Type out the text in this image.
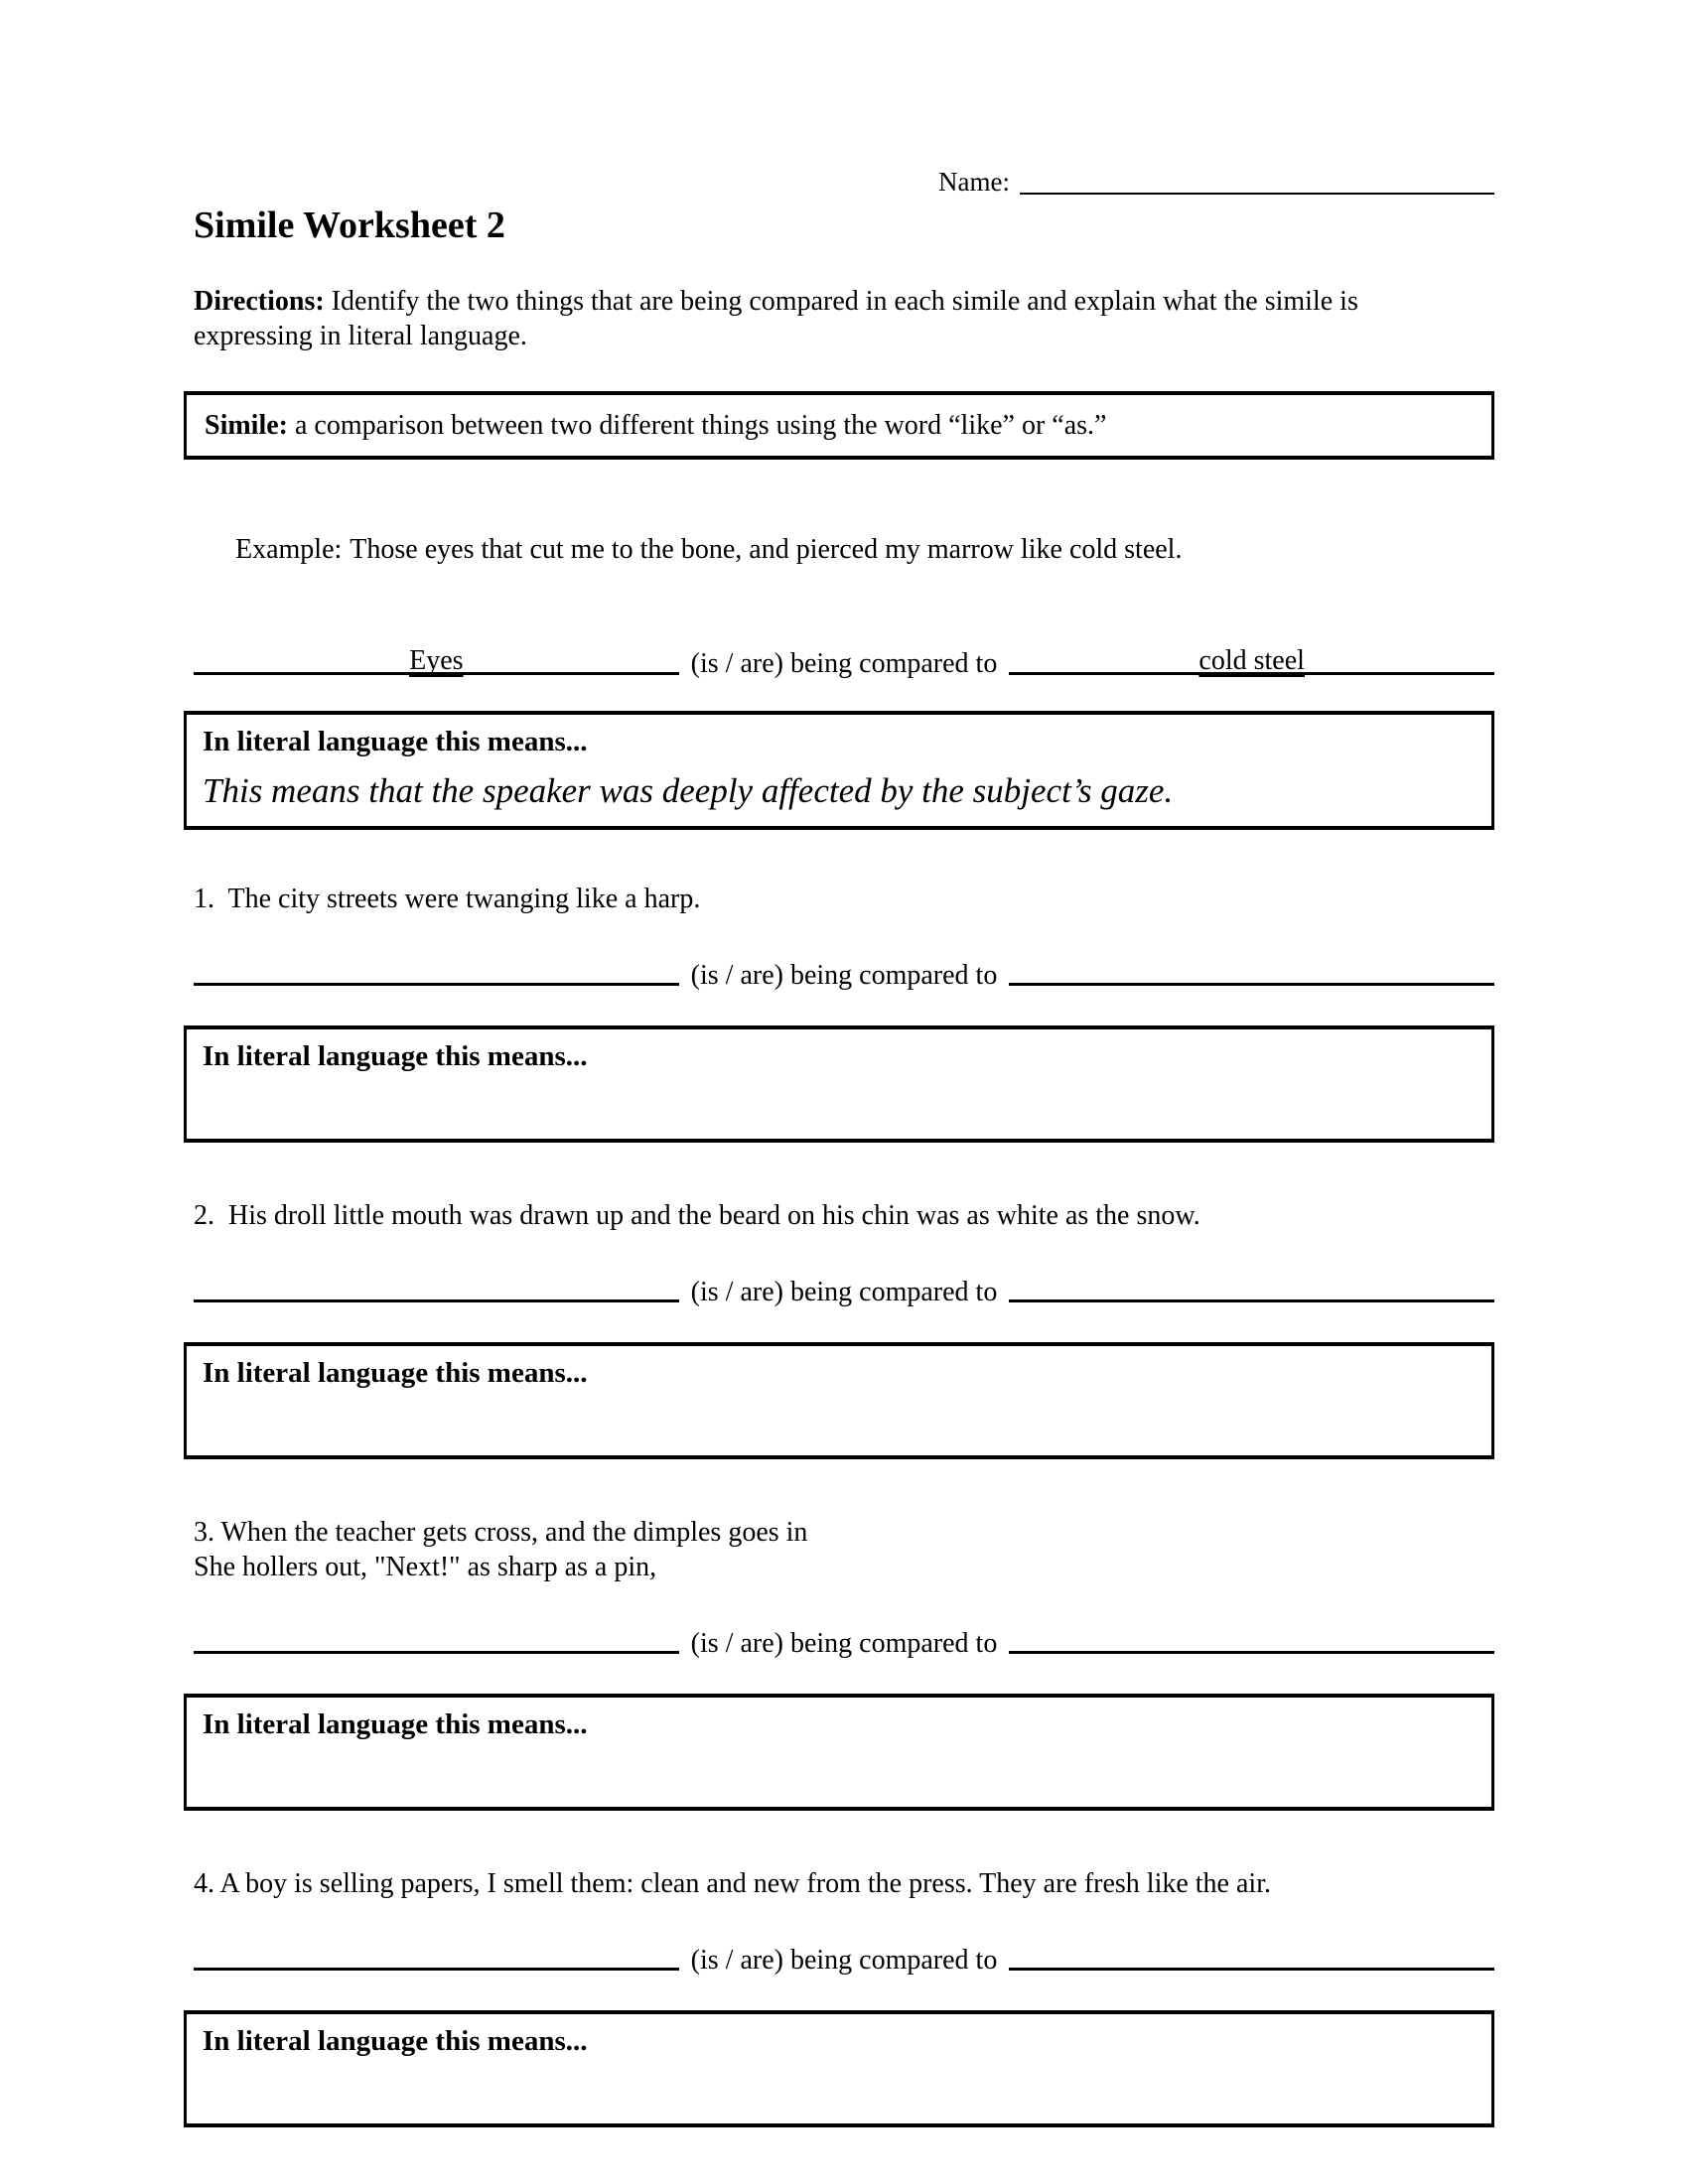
Name:
Simile Worksheet 2

Directions: Identify the two things that are being compared in each simile and explain what the simile is expressing in literal language.

Simile: a comparison between two different things using the word “like” or “as.”

Example: Those eyes that cut me to the bone, and pierced my marrow like cold steel.

Eyes	(is / are) being compared to	cold steel
In literal language this means...
This means that the speaker was deeply affected by the subject’s gaze.

1.  The city streets were twanging like a harp.

(is / are) being compared to
In literal language this means...

2.  His droll little mouth was drawn up and the beard on his chin was as white as the snow.

(is / are) being compared to
In literal language this means...

3. When the teacher gets cross, and the dimples goes in

She hollers out, "Next!" as sharp as a pin,

(is / are) being compared to
In literal language this means...

4. A boy is selling papers, I smell them: clean and new from the press. They are fresh like the air.

(is / are) being compared to
In literal language this means...
